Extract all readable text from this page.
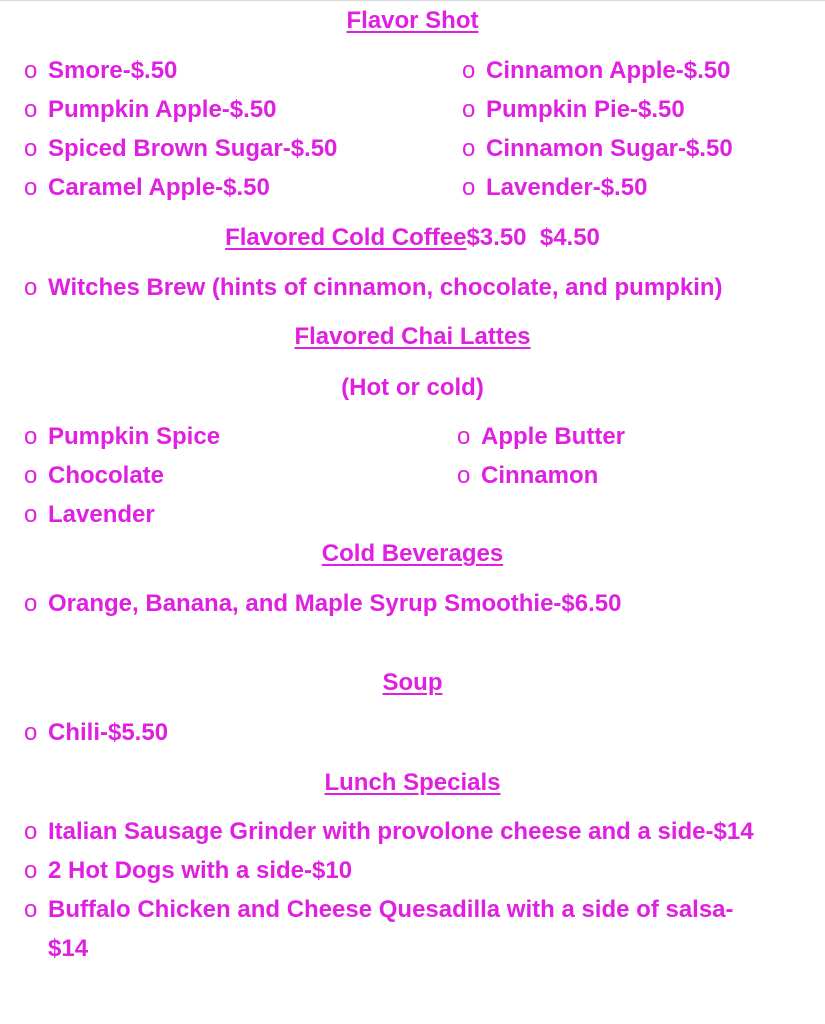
Flavor Shot
o Smore-$.50
o Pumpkin Apple-$.50
o Spiced Brown Sugar-$.50
o Caramel Apple-$.50
o Cinnamon Apple-$.50
o Pumpkin Pie-$.50
o Cinnamon Sugar-$.50
o Lavender-$.50
Flavored Cold Coffee$3.50  $4.50
o Witches Brew (hints of cinnamon, chocolate, and pumpkin)
Flavored Chai Lattes
(Hot or cold)
o Pumpkin Spice
o Chocolate
o Lavender
o Apple Butter
o Cinnamon
Cold Beverages
o Orange, Banana, and Maple Syrup Smoothie-$6.50
Soup
o Chili-$5.50
Lunch Specials
o Italian Sausage Grinder with provolone cheese and a side-$14
o 2 Hot Dogs with a side-$10
o Buffalo Chicken and Cheese Quesadilla with a side of salsa-
$14
